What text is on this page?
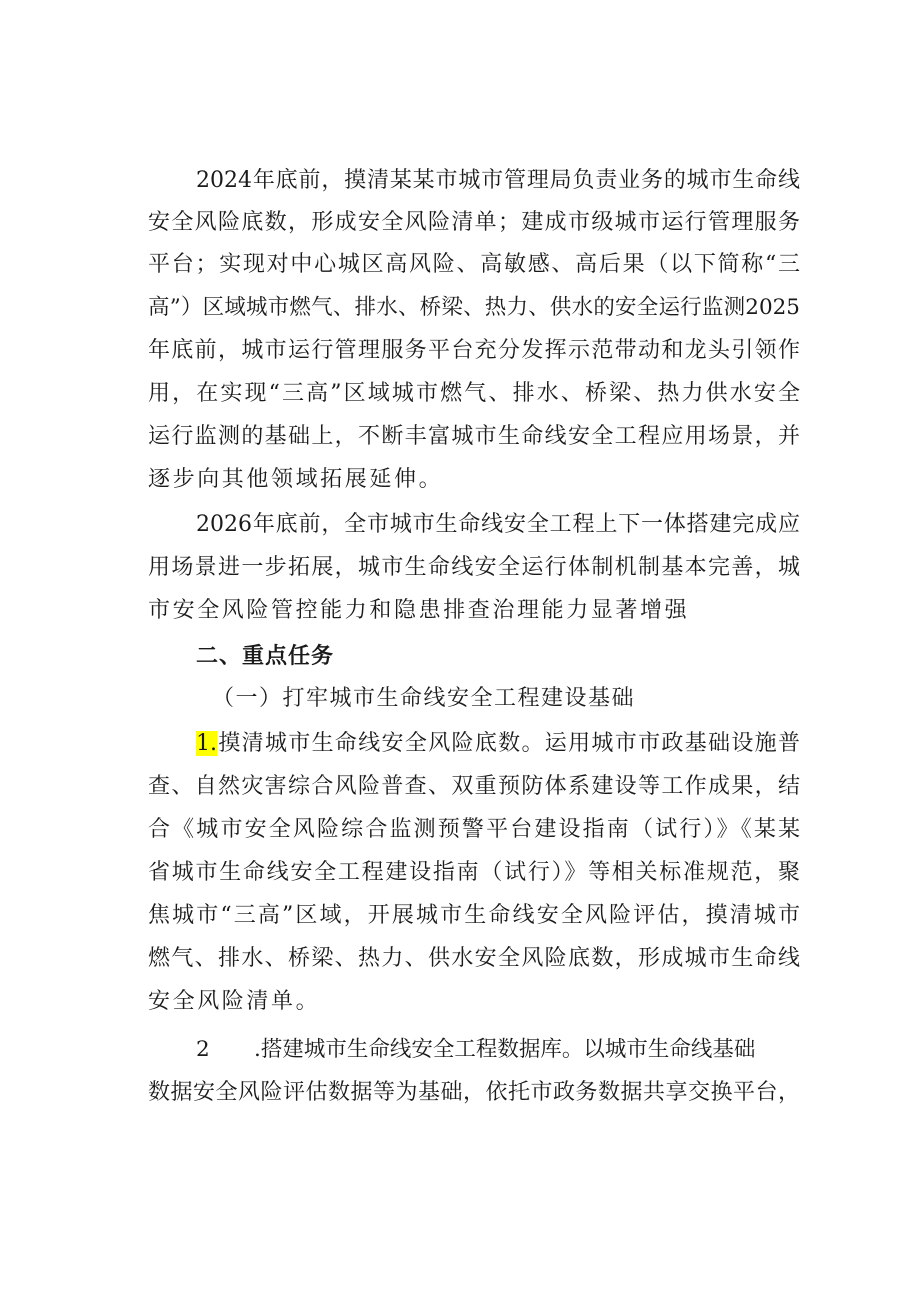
2024年底前，摸清某某市城市管理局负责业务的城市生命线
安全风险底数，形成安全风险清单；建成市级城市运行管理服务
平台；实现对中心城区高风险、高敏感、高后果（以下简称“三
高”）区域城市燃气、排水、桥梁、热力、供水的安全运行监测2025
年底前，城市运行管理服务平台充分发挥示范带动和龙头引领作
用，在实现“三高”区域城市燃气、排水、桥梁、热力供水安全
运行监测的基础上，不断丰富城市生命线安全工程应用场景，并
逐步向其他领域拓展延伸。
2026年底前，全市城市生命线安全工程上下一体搭建完成应
用场景进一步拓展，城市生命线安全运行体制机制基本完善，城
市安全风险管控能力和隐患排查治理能力显著增强
二、重点任务
（一）打牢城市生命线安全工程建设基础
1.摸清城市生命线安全风险底数。运用城市市政基础设施普
查、自然灾害综合风险普查、双重预防体系建设等工作成果，结
合《城市安全风险综合监测预警平台建设指南（试行）》《某某
省城市生命线安全工程建设指南（试行）》等相关标准规范，聚
焦城市“三高”区域，开展城市生命线安全风险评估，摸清城市
燃气、排水、桥梁、热力、供水安全风险底数，形成城市生命线
安全风险清单。
2 .搭建城市生命线安全工程数据库。以城市生命线基础
数据安全风险评估数据等为基础，依托市政务数据共享交换平台，
